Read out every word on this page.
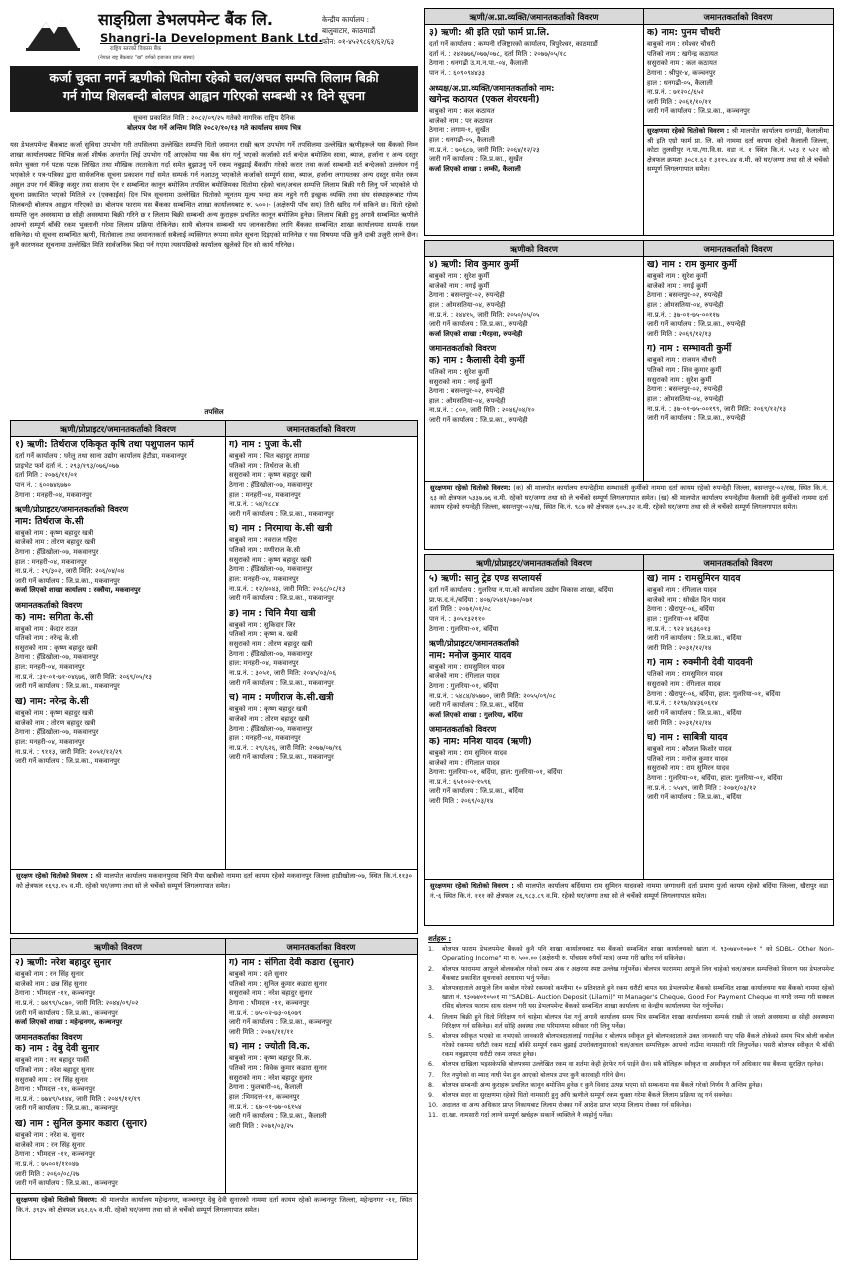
साङ्ग्रिला डेभलपमेन्ट बैंक लि.
Shangri-la Development Bank Ltd.
राष्ट्रिय स्तरको विकास बैंक
(नेपाल राष्ट्र बैंकबाट "ख" वर्गको इजाजत प्राप्त संस्था)
केन्द्रीय कार्यालय :
बालुवाटार, काठमाडौं
फोन: ०१-४५२९८६१/६२/६३
कर्जा चुक्ता नगर्ने ऋणीको धितोमा रहेको चल/अचल सम्पत्ति लिलाम बिक्री
गर्न गोप्य शिलबन्दी बोलपत्र आह्वान गरिएको सम्बन्धी २१ दिने सूचना
सूचना प्रकाशित मिति : २०८२/०९/२५ गतेको नागरिक राष्ट्रिय दैनिक
बोलपत्र पेश गर्ने अन्तिम मिति २०८२/१०/१३ गते कार्यालय समय भित्र
यस डेभलपमेन्ट बैंकबाट कर्जा सुविधा उपभोग गरी तपसिलमा उल्लेखित सम्पत्ति धितो जमानत राखी ऋण उपभोग गर्ने तपसिलमा उल्लेखित ऋणीहरूले यस बैंकको निम्न शाखा कार्यालयबाट विभिन्न कर्जा शीर्षक अन्तर्गत लिई उपभोग गर्दै आएकोमा यस बैंक संग गर्नु भएको कर्जाको शर्त बन्देज बमोजिम सावा, ब्याज, हर्जाना र अन्य दस्तुर समेत चुक्ता गर्न पटक पटक लिखित तथा मौखिक तरताकेता गर्दा समेत बुझाउनु पर्ने रकम नबुझाई बैंकसँग गरेको करार तथा कर्जा सम्बन्धी शर्त बन्देजको उल्लंघन गर्नु भएकोले र पत्र-पत्रिका द्वारा सार्वजनिक सूचना प्रकाशन गर्दा समेत सम्पर्क गर्न नआउनु भएकोले कर्जाको सम्पूर्ण सावा, ब्याज, हर्जाना लगायतका अन्य दस्तुर समेत रकम असुल उपर गर्न बैंकिङ्ग कसुर तथा सजाय ऐन र सम्बन्धित कानून बमोजिम तपसिल बमोजिमका धितोमा रहेको चल/अचल सम्पत्ति लिलाम बिक्री गरी लिनु पर्ने भएकोले यो सूचना प्रकाशित भएको मितिले २१ (एक्काईस) दिन भित्र सूचनामा उल्लेखित धितोको न्यूनतम मूल्य भन्दा कम नहुने गरी इच्छुक व्यक्ति तथा संघ संस्थाहरूबाट गोप्य शिलबन्दी बोलपत्र आह्वान गरिएको छ। बोलपत्र फाराम यस बैंकका सम्बन्धित शाखा कार्यालयबाट रु. ५००।- (अक्षेरुपी पाँच सय) तिरी खरिद गर्न सकिने छ। धितो रहेको सम्पत्ति जुन अवस्थामा छ सोही अवस्थामा बिक्री गरिने छ र लिलाम बिक्री सम्बन्धी अन्य कुराहरू प्रचलित कानून बमोजिम हुनेछ। लिलाम बिक्री हुनु अगावै सम्बन्धित ऋणीले आफ्नो सम्पूर्ण बाँकी रकम भुक्तानी गरेमा लिलाम प्रक्रिया रोकिनेछ। साथै बोलपत्र सम्बन्धी थप जानकारीका लागि बैंकका सम्बन्धित शाखा कार्यालयमा सम्पर्क राख्न सकिनेछ। यो सूचना सम्बन्धित ऋणी, धितोवाला तथा जमानतकर्ता सबैलाई व्यक्तिगत रूपमा समेत सूचना दिइएको मानिनेछ र यस विषयमा पछि कुनै दाबी उजुरी लाग्ने छैन। कुनै कारणवश सूचनामा उल्लेखित मिति सार्वजनिक बिदा पर्न गएमा त्यसपछिको कार्यालय खुलेको दिन सो कार्य गरिनेछ।
तपसिल
ऋणी/प्रोप्राइटर/जमानतकर्ताको विवरण	जमानतकर्ताको विवरण
१) ऋणी: तिर्थराज एकिकृत कृषि तथा पशुपालन फार्म
दर्ता गर्ने कार्यालय : घरेलु तथा साना उद्योग कार्यालय हेटौडा, मकवानपुर
प्राइभेट फर्म दर्ता नं. : २९३/१९३/०७६/०७७
दर्ता मिति : २०७६/११/०१
पान नं. : ६००७४६७७०
ठेगाना : मनहरी-०४, मकवानपुर
ऋणी/प्रोप्राइटर/जमानतकर्ताको विवरण
नाम: तिर्थराज के.सी
बाबुको नाम : कृष्ण बहादुर खत्री
बाजेको नाम : तोरण बहादुर खत्री
ठेगाना : हँडिखोला-०७, मकवानपुर
हाल : मनहरी-०४, मकवानपुर
ना.प्र.नं. : २९/३०२, जारी मिति: २०६/०४/०४
जारी गर्ने कार्यालय : जि.प्र.का., मकवानपुर
कर्जा लिएको शाखा कार्यालय : रक्सैया, मकवानपुर
जमानतकर्ताको विवरण
क) नाम: सगिता के.सी
बाबुको नाम : केदार राउत
पतिको नाम : नरेन्द्र के.सी
ससुराको नाम : कृष्ण बहादुर खत्री
ठेगाना : हँडिखोला-०७, मकवानपुर
हाल: मनहरी-०४, मकवानपुर
ना.प्र.नं. :३१-०१-७१-०४६७६, जारी मिति: २०६९/०५/१३
जारी गर्ने कार्यालय : जि.प्र.का., मकवानपुर
ख) नाम: नरेन्द्र के.सी
बाबुको नाम : कृष्ण बहादुर खत्री
बाजेको नाम : तोरण बहादुर खत्री
ठेगाना : हँडिखोला-०७, मकवानपुर
हाल: मनहरी-०४, मकवानपुर
ना.प्र.नं. : ९११३, जारी मिति: २०५१/१२/२९
जारी गर्ने कार्यालय : जि.प्र.का., मकवानपुर
ग) नाम : पुजा के.सी
बाबुको नाम : चित बहादुर तामाङ
पतिको नाम : तिर्थराज के.सी
ससुराको नाम : कृष्ण बहादुर खत्री
ठेगाना : हँडिखोला-०७, मकवानपुर
हाल : मनहरी-०४, मकवानपुर
ना.प्र.नं. : ५४/१८८४
जारी गर्ने कार्यालय : जि.प्र.का., मकवानपुर
घ) नाम : निरमाया के.सी खत्री
बाबुको नाम : नवराज गहिरा
पतिको नाम : मणीराज के.सी
ससुराको नाम : कृष्ण बहादुर खत्री
ठेगाना : हँडिखोला-०७, मकवानपुर
हाल: मनहरी-०४, मकवानपुर
ना.प्र.नं. : १२/४०४३, जारी मिति: २०६८/०८/१३
जारी गर्ने कार्यालय : जि.प्र.का., मकवानपुर
ङ) नाम : चिनि मैया खत्री
बाबुको नाम : सुकिदार जिर
पतिको नाम : कृष्ण ब. खत्री
ससुराको नाम : तोरण बहादुर खत्री
ठेगाना : हँडिखोला-०७, मकवानपुर
हाल: मनहरी-०४, मकवानपुर
ना.प्र.नं. : ३०५१, जारी मिति: २०४५/०३/०६
जारी गर्ने कार्यालय : जि.प्र.का., मकवानपुर
च) नाम : मणीराज के.सी.खत्री
बाबुको नाम : कृष्ण बहादुर खत्री
बाजेको नाम : तोरण बहादुर खत्री
ठेगाना : हँडिखोला-०७, मकवानपुर
हाल : मनहरी-०४, मकवानपुर
ना.प्र.नं. : २९/६२६, जारी मिति: २०७७/०७/१६
जारी गर्ने कार्यालय : जि.प्र.का., मकवानपुर
सुरक्षण रहेको धितोको विवरण : श्री मालपोत कार्यालय मकवानपुरमा चिनि मैया खत्रीको नाममा दर्ता कायम रहेको मकवानपुर जिल्ला हाडीखोला-०७, स्थित कि.नं.११३० को क्षेत्रफल १६९३.१५ व.मी. रहेको घर/जग्गा तथा सो ले चर्चेको सम्पूर्ण लिगलगापात समेत।
ऋणीको विवरण	जमानतकर्ताका विवरण
२) ऋणी: नरेश बहादुर सुनार
बाबुको नाम : रन सिंह सुनार
बाजेको नाम : छन्न सिंह सुनार
ठेगाना : भीमदत्त -११, कञ्चनपुर
ना.प्र.नं. : ७४९९/५८७०, जारी मिति: २०४४/०९/०२
जारी गर्ने कार्यालय : जि.प्र.का., कञ्चनपुर
कर्जा लिएको शाखा : महेन्द्रनगर, कञ्चनपुर
जमानतकर्ताका विवरण
क) नाम : देबु देवी सुनार
बाबुको नाम : नर बहादुर पार्की
पतिको नाम : नरेश बहादुर सुनार
ससुराको नाम : रन सिंह सुनार
ठेगाना : भीमदत्त -११, कञ्चनपुर
ना.प्र.नं. : ७७४९/५१४४, जारी मिति : २०४९/११/१९
जारी गर्ने कार्यालय : जि.प्र.का., कञ्चनपुर
ख) नाम : सुनिल कुमार कडारा (सुनार)
बाबुको नाम : नरेश ब. सुनार
बाजेको नाम : रन सिंह सुनार
ठेगाना : भीमदत्त -११, कञ्चनपुर
ना.प्र.नं. : ७५००१/११०४७
जारी मिति : २०६०/०८/२७
जारी गर्ने कार्यालय : जि.प्र.का., कञ्चनपुर
ग) नाम : संगिता देवी कडारा (सुनार)
बाबुको नाम : दले सुनार
पतिको नाम : सुनिल कुमार कडारा सुनार
ससुराको नाम : नरेश बहादुर सुनार
ठेगाना : भीमदत्त -११, कञ्चनपुर
ना.प्र.नं. : ७५-०२-७३-०६०७९
जारी गर्ने कार्यालय : जि.प्र.का., कञ्चनपुर
जारी मिति : २०७१/११/११
घ) नाम : ज्योती वि.क.
बाबुको नाम : कृष्ण बहादुर वि.क.
पतिको नाम : विवेक कुमार कडारा सुनार
ससुराको नाम : नरेश बहादुर सुनार
ठेगाना : फुलबारी-०६, कैलाली
हाल :भिमदत्त-११, कञ्चनपुर
ना.प्र.नं. : ६७-०१-७७-०६१५४
जारी गर्ने कार्यालय : जि.प्र.का., कैलाली
जारी मिति : २०७१/०३/२५
सुरक्षणमा रहेको धितोको विवरण: श्री मालपोत कार्यालय महेन्द्रनगर, कञ्चनपुर देबु देवी सुनारको नाममा दर्ता कायम रहेको कञ्चनपुर जिल्ला, महेन्द्रनगर -११, स्थित कि.नं. ३९३५ को क्षेत्रफल ४६२.६५ व.मी. रहेको घर/जग्गा तथा सो ले चर्चेको सम्पूर्ण लिगलगापात समेत।
ऋणी/अ.प्रा.व्यक्ति/जमानतकर्ताको विवरण	जमानतकर्ताको विवरण
३) ऋणी: श्री इति एग्रो फार्म प्रा.लि.
दर्ता गर्ने कार्यालय : कम्पनी रजिष्ट्रारको कार्यालय, त्रिपुरेश्वर, काठमाडौं
दर्ता नं. : २४२७७६/०७७/०७८, दर्ता मिति : २०७७/०५/१८
ठेगाना : धनगढी उ.म.न.पा.-०४, कैलाली
पान नं. : ६०९०९४४३३
अध्यक्ष/अ.प्रा.व्यक्ति/जमानतकर्ताको नाम:
खगेन्द्र कठायत (एकल शेयरधनी)
बाबुको नाम : कल कठायत
बाजेको नाम : पर कठायत
ठेगाना : लगाम-१, सुर्खेत
हाल : धनगढी-०५, कैलाली
ना.प्र.नं. : ७०६८७, जारी मिति: २०६४/१२/२३
जारी गर्ने कार्यालय : जि.प्र.का., सुर्खेत
कर्जा लिएको शाखा : लम्की, कैलाली
क) नाम: पुनम चौधरी
बाबुको नाम : रमेश्वर चौधरी
पतिको नाम : खगेन्द्र कठायत
ससुराको नाम : कल कठायत
ठेगाना : श्रीपुर-४, कञ्चनपुर
हाल : धनगढी-०५, कैलाली
ना.प्र.नं. : ७१२०८/६५२
जारी मिति : २०६१/१०/११
जारी गर्ने कार्यालय : जि.प्र.का., कञ्चनपुर
सुरक्षणमा रहेको धितोको विवरण : श्री मालपोत कार्यालय धनगढी, कैलालीमा श्री इति एग्रो फार्म प्रा. लि. को नाममा दर्ता कायम रहेको कैलाली जिल्ला, कोटा तुलसीपुर न.पा./गा.वि.स. वडा नं. १ स्थित कि.नं. ५२३ र ५२२ को क्षेत्रफल क्रमशः ३०८१.६२ र ३११५.४४ व.मी. को घर/जग्गा तथा सो ले चर्चेको सम्पूर्ण लिगलगापात समेत।
ऋणीको विवरण	जमानतकर्ताको विवरण
४) ऋणी: शिव कुमार कुर्मी
बाबुको नाम : सुरेश कुर्मी
बाजेको नाम : नगई कुर्मी
ठेगाना : बसन्तपुर-०२, रुपन्देही
हाल : ओमसतिया-०४, रुपन्देही
ना.प्र.नं. : २४४१५, जारी मिति: २०५०/०५/०५
जारी गर्ने कार्यालय : जि.प्र.का., रुपन्देही
कर्जा लिएको शाखा :भैरहवा, रुपन्देही
जमानतकर्ताको विवरण
क) नाम : कैलासी देवी कुर्मी
पतिको नाम : सुरेश कुर्मी
ससुराको नाम : नगई कुर्मी
ठेगाना : बसन्तपुर-०२, रुपन्देही
हाल : ओमसतिया-०४, रुपन्देही
ना.प्र.नं. : ८००, जारी मिति : २०४६/०४/१०
जारी गर्ने कार्यालय : जि.प्र.का., रुपन्देही
ख) नाम : राम कुमार कुर्मी
बाबुको नाम : सुरेश कुर्मी
बाजेको नाम : नगई कुर्मी
ठेगाना : बसन्तपुर-०२, रुपन्देही
हाल : ओमसतिया-०४, रुपन्देही
ना.प्र.नं. : ३७-०१-७५-००११७
जारी गर्ने कार्यालय : जि.प्र.का., रुपन्देही
जारी मिति : २०६९/१२/१३
ग) नाम : सम्भावती कुर्मी
बाबुको नाम : राजमन चौधरी
पतिको नाम : शिव कुमार कुर्मी
ससुराको नाम : सुरेश कुर्मी
ठेगाना : बसन्तपुर-०२, रुपन्देही
हाल : ओमसतिया-०४, रुपन्देही
ना.प्र.नं. : ३७-०१-७५-००१९९, जारी मिति: २०६९/१२/१३
जारी गर्ने कार्यालय : जि.प्र.का., रुपन्देही
सुरक्षणमा रहेको धितोको विवरण: (क) श्री मालपोत कार्यालय रुपन्देहीमा सम्भावती कुर्मीको नाममा दर्ता कायम रहेको रुपन्देही जिल्ला, बसन्तपुर-०२/रख, स्थित कि.नं. ६३ को क्षेत्रफल ५३३७.७६ व.मी. रहेको घर/जग्गा तथा सो ले चर्चेको सम्पूर्ण लिगलगापात समेत। (ख) श्री मालपोत कार्यालय रुपन्देहीमा कैलासी देवी कुर्मीको नाममा दर्ता कायम रहेको रुपन्देही जिल्ला, बसन्तपुर-०२/ख, स्थित कि.नं. ९८७ को क्षेत्रफल ६०५.३२ व.मी. रहेको घर/जग्गा तथा सो ले चर्चेको सम्पूर्ण लिगलगापात समेत।
ऋणी/प्रोप्राइटर/जमानतकर्ताको विवरण	जमानतकर्ताको विवरण
५) ऋणी: सानु ट्रेड एण्ड सप्लायर्स
दर्ता गर्ने कार्यालय : गुलरिया न.पा.को कार्यालय उद्योग विकास शाखा, बर्दिया
प्रा.फ.द.नं./बर्दिया : ४०७/२५४१/०७०/०७१
दर्ता मिति : २०७१/०१/०८
पान नं. : ३०५१३२११०
ठेगाना : गुलरिया-०१, बर्दिया
ऋणी/प्रोप्राइटर/जमानतकर्ताको
नाम: मनोज कुमार यादव
बाबुको नाम : रामसुमिरन यादव
बाजेको नाम : रंगिलाल यादव
ठेगाना : गुलरिया-०१, बर्दिया
ना.प्र.नं. : ५४८४/४५७७०, जारी मिति: २०५५/०९/०८
जारी गर्ने कार्यालय : जि.प्र.का., बर्दिया
कर्जा लिएको शाखा : गुलरिया, बर्दिया
जमानतकर्ताको विवरण
क) नाम: मनिश यादव (ऋणी)
बाबुको नाम : राम सुमिरन यादव
बाजेको नाम : रंगिलाल यादव
ठेगाना: गुलरिया-०१, बर्दिया, हाल: गुलरिया-०१, बर्दिया
ना.प्र.नं.: ६५१००२-१५९६
जारी गर्ने कार्यालय : जि.प्र.का., बर्दिया
जारी मिति : २०६९/०३/१४
ख) नाम : रामसुमिरन यादव
बाबुको नाम : रंगिलाल यादव
बाजेको नाम : सोखेत दिन यादव
ठेगाना : खैरापुर-०६, बर्दिया
हाल : गुलरिया-०१ बर्दिया
ना.प्र.नं. : ९२२ ४६३६०१३
जारी गर्ने कार्यालय : जि.प्र.का., बर्दिया
जारी मिति : २०३१/१२/१४
ग) नाम : रुक्मीनी देवी यादवनी
पतिको नाम : रामसुमिरन यादव
ससुराको नाम : रंगिलाल यादव
ठेगाना : खैरापुर-०६, बर्दिया, हाल: गुलरिया-०१, बर्दिया
ना.प्र.नं. : १२९७/४४३६०६१४
जारी गर्ने कार्यालय : जि.प्र.का., बर्दिया
जारी मिति : २०३१/१२/१४
घ) नाम : साबित्री यादव
बाबुको नाम : कौशल किशोर यादव
पतिको नाम : मनोज कुमार यादव
ससुराको नाम : राम सुमिरन यादव
ठेगाना : गुलरिया-०१, बर्दिया, हाल: गुलरिया-०१, बर्दिया
ना.प्र.नं. : ५५४९, जारी मिति : २०७१/०३/१२
जारी गर्ने कार्यालय : जि.प्र.का., बर्दिया
सुरक्षणमा रहेको धितोको विवरण : श्री मालपोत कार्यालय बर्दियामा राम सुमिरन यादवको नाममा जग्गाधनी दर्ता प्रमाण पुर्जा कायम रहेको बर्दिया जिल्ला, खैरापुर वडा नं.-६ स्थित कि.नं. १११ को क्षेत्रफल २६,९८३.८९ व.मि. रहेको घर/जग्गा तथा सो ले चर्चेको सम्पूर्ण लिगलगापात समेत।
शर्तहरू :
1.	बोलपत्र फाराम डेभलपमेन्ट बैंकको कुनै पनि शाखा कार्यालयबाट यस बैंकको सम्बन्धित शाखा कार्यालयको खाता नं. ९३०७४०१०७०१ " को SDBL- Other Non-Operating Income" मा रु. ५००.०० (अक्षेरुपी रु. पाँचसय रुपैयाँ मात्र) जम्मा गरी खरिद गर्न सकिनेछ।
2.	बोलपत्र फाराममा आफूले बोलकबोल गरेको रकम अंक र अक्षरमा स्पष्ट उल्लेख गर्नुपर्नेछ। बोलपत्र फाराममा आफूले लिन चाहेको चल/अचल सम्पत्तिको विवरण यस डेभलपमेन्ट बैंकबाट प्रकाशित सूचनाको आधारमा भर्नु पर्नेछ।
3.	बोलपत्रदाताले आफूले लिन कबोल गरेको रकमको कम्तीमा १० प्रतिशतले हुने रकम धरौटी बापत यस डेभलपमेन्ट बैंकको सम्बन्धित शाखा कार्यालयमा यस बैंकको नाममा रहेको खाता नं. ९३०७४०१०५०१ मा "SADBL- Auction Deposit (Lilami)" मा Manager's Cheque, Good For Payment Cheque वा नगदै जम्मा गरी सक्कल रसिद बोलपत्र फाराम साथ संलग्न गरी यस डेभलपमेन्ट बैंकको सम्बन्धित शाखा कार्यालय वा केन्द्रीय कार्यालयमा पेश गर्नुपर्नेछ।
4.	लिलाम बिक्री हुने धितो निरिक्षण गर्न चाहेमा बोलपत्र पेश गर्नु अगावै कार्यालय समय भित्र सम्बन्धित शाखा कार्यालयमा सम्पर्क राखी जे जस्तो अवस्थामा छ सोही अवस्थामा निरिक्षण गर्न सकिनेछ। शर्त सोहि अवस्था तथा परिमाणमा स्वीकार गरी लिनु पर्नेछ।
5.	बोलपत्र स्वीकृत भएको वा नभएको जानकारी बोलपत्रदातालाई गराईनेछ र बोलपत्र स्वीकृत हुने बोलपत्रदाताले उक्त जानकारी पाए पछि बैंकले तोकेको समय भित्र बोली कबोल गरेको रकममा धरौटी रकम घटाई बाँकी सम्पूर्ण रकम बुझाई उपरोक्तानुसारको चल/अचल सम्पत्तिहरू आफ्नो नाउँमा नामसारी गरि लिनुपर्नेछ। यसरी बोलपत्र स्वीकृत भै बाँकी रकम नबुझाएमा धरौटी रकम जफत हुनेछ।
6.	बोलपत्र दाखिला भइसकेपछि बोलपत्रमा उल्लेखित रकम वा शर्तमा केही हेरफेर गर्न पाईने छैन। सबै बोलिहरू स्वीकृत वा अस्वीकृत गर्ने अधिकार यस बैंकमा सुरक्षित रहनेछ।
7.	रित नपुगेको वा म्याद नाघी पेश हुन आएको बोलपत्र उपर कुनै कारवाही गरिने छैन।
8.	बोलपत्र सम्बन्धी अन्य कुराहरू प्रचलित कानून बमोजिम हुनेछ र कुनै विवाद उत्पन्न भएमा सो सम्बन्धमा यस बैंकले गरेको निर्णय नै अन्तिम हुनेछ।
9.	बोलपत्र सदर वा सुरक्षणमा रहेको धितो नामसारी हुनु अघि ऋणीले सम्पूर्ण रकम चुक्ता गरेमा बैंकले लिलाम प्रक्रिया रद्द गर्न सक्नेछ।
10. अदालत वा अन्य अधिकार प्राप्त निकायबाट लिलाम रोक्का गर्ने आदेश प्राप्त भएमा लिलाम रोक्का गर्न सकिनेछ।
11. दा.खा. नामसारी गर्दा लाग्ने सम्पूर्ण खर्चहरू सकार्ने व्यक्तिले नै व्यहोर्नु पर्नेछ।
